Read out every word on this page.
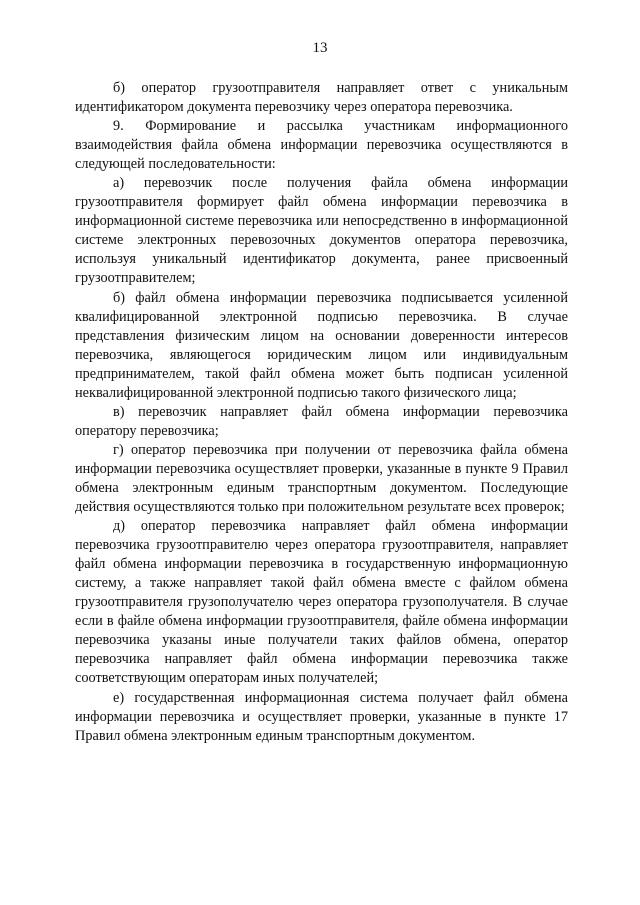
13

б) оператор грузоотправителя направляет ответ с уникальным идентификатором документа перевозчику через оператора перевозчика.

9. Формирование и рассылка участникам информационного взаимодействия файла обмена информации перевозчика осуществляются в следующей последовательности:

а) перевозчик после получения файла обмена информации грузоотправителя формирует файл обмена информации перевозчика в информационной системе перевозчика или непосредственно в информационной системе электронных перевозочных документов оператора перевозчика, используя уникальный идентификатор документа, ранее присвоенный грузоотправителем;

б) файл обмена информации перевозчика подписывается усиленной квалифицированной электронной подписью перевозчика. В случае представления физическим лицом на основании доверенности интересов перевозчика, являющегося юридическим лицом или индивидуальным предпринимателем, такой файл обмена может быть подписан усиленной неквалифицированной электронной подписью такого физического лица;

в) перевозчик направляет файл обмена информации перевозчика оператору перевозчика;

г) оператор перевозчика при получении от перевозчика файла обмена информации перевозчика осуществляет проверки, указанные в пункте 9 Правил обмена электронным единым транспортным документом. Последующие действия осуществляются только при положительном результате всех проверок;

д) оператор перевозчика направляет файл обмена информации перевозчика грузоотправителю через оператора грузоотправителя, направляет файл обмена информации перевозчика в государственную информационную систему, а также направляет такой файл обмена вместе с файлом обмена грузоотправителя грузополучателю через оператора грузополучателя. В случае если в файле обмена информации грузоотправителя, файле обмена информации перевозчика указаны иные получатели таких файлов обмена, оператор перевозчика направляет файл обмена информации перевозчика также соответствующим операторам иных получателей;

е) государственная информационная система получает файл обмена информации перевозчика и осуществляет проверки, указанные в пункте 17 Правил обмена электронным единым транспортным документом.
